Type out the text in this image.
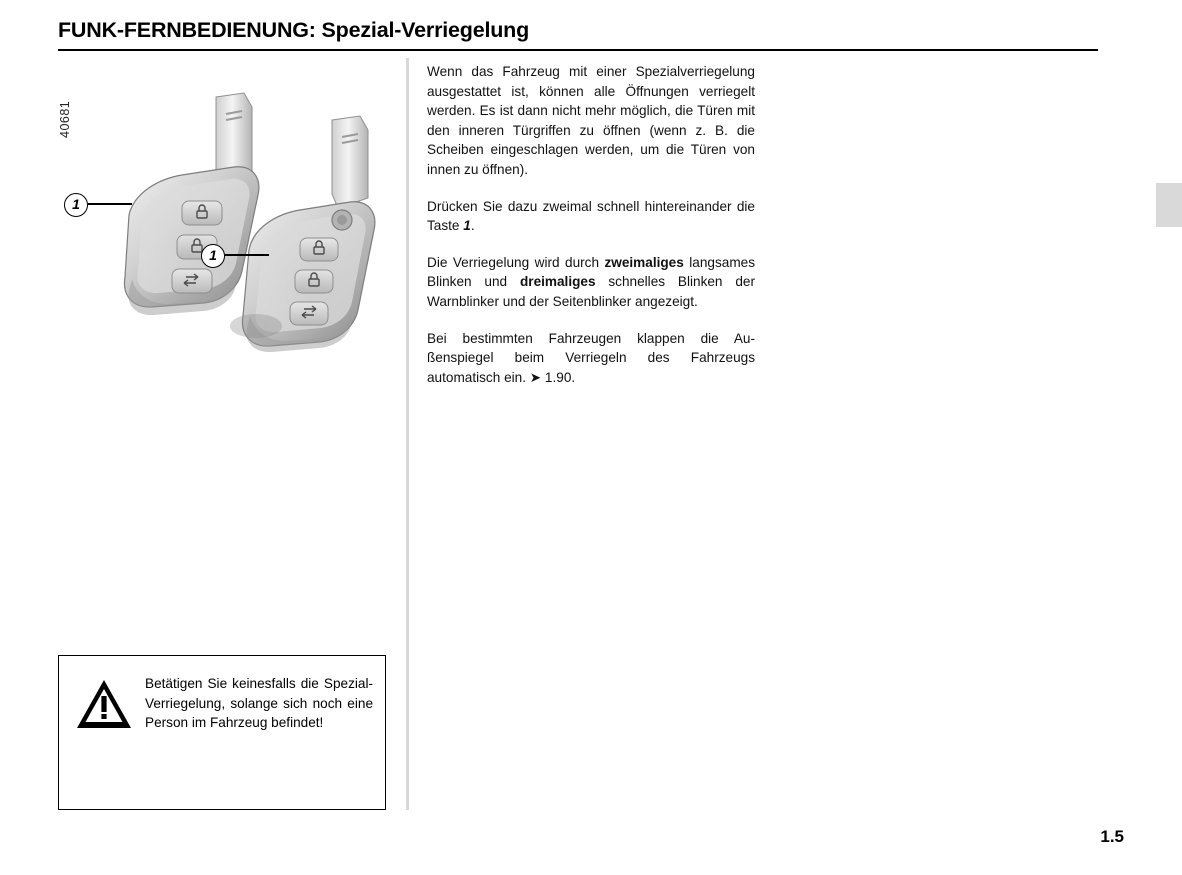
FUNK-FERNBEDIENUNG: Spezial-Verriegelung
40681
1
1
Betätigen Sie keinesfalls die Spezial-Verriegelung, solange sich noch eine Person im Fahrzeug befindet!

Wenn das Fahrzeug mit einer Spezialverriegelung ausgestattet ist, können alle Öffnungen verriegelt werden. Es ist dann nicht mehr möglich, die Türen mit den inneren Türgriffen zu öffnen (wenn z. B. die Scheiben eingeschlagen werden, um die Türen von innen zu öffnen).

Drücken Sie dazu zweimal schnell hintereinander die Taste 1.

Die Verriegelung wird durch zweimaliges langsames Blinken und dreimaliges schnelles Blinken der Warnblinker und der Seitenblinker angezeigt.

Bei bestimmten Fahrzeugen klappen die Außenspiegel beim Verriegeln des Fahrzeugs automatisch ein. ➤ 1.90.

1.5
